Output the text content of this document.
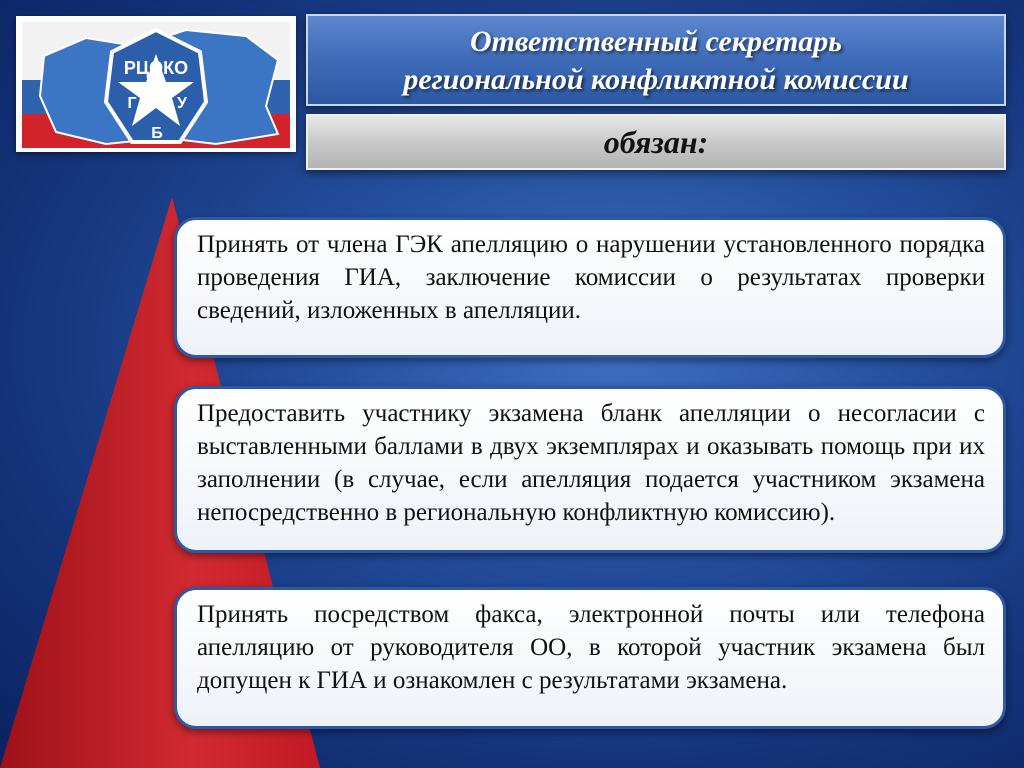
РЦОКО
Г	У
Б
Ответственный секретарь
региональной конфликтной комиссии
обязан:
Принять от члена ГЭК апелляцию о нарушении установленного порядка проведения ГИА, заключение комиссии о результатах проверки сведений, изложенных в апелляции.
Предоставить участнику экзамена бланк апелляции о несогласии с выставленными баллами в двух экземплярах и оказывать помощь при их заполнении (в случае, если апелляция подается участником экзамена непосредственно в региональную конфликтную комиссию).
Принять посредством факса, электронной почты или телефона апелляцию от руководителя ОО, в которой участник экзамена был допущен к ГИА и ознакомлен с результатами экзамена.
